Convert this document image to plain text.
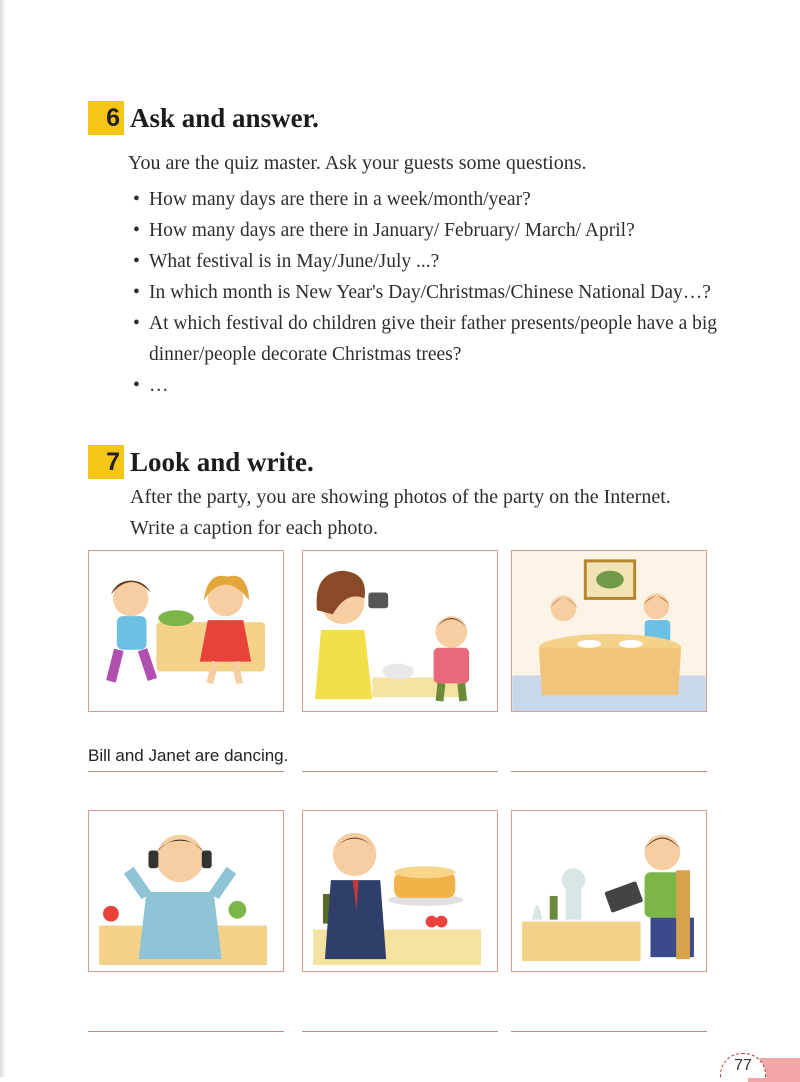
6 Ask and answer.
You are the quiz master. Ask your guests some questions.
• How many days are there in a week/month/year?
• How many days are there in January/ February/ March/ April?
• What festival is in May/June/July ...?
• In which month is New Year's Day/Christmas/Chinese National Day…?
• At which festival do children give their father presents/people have a big dinner/people decorate Christmas trees?
• …
7 Look and write.
After the party, you are showing photos of the party on the Internet.
Write a caption for each photo.
Bill and Janet are dancing.
77
